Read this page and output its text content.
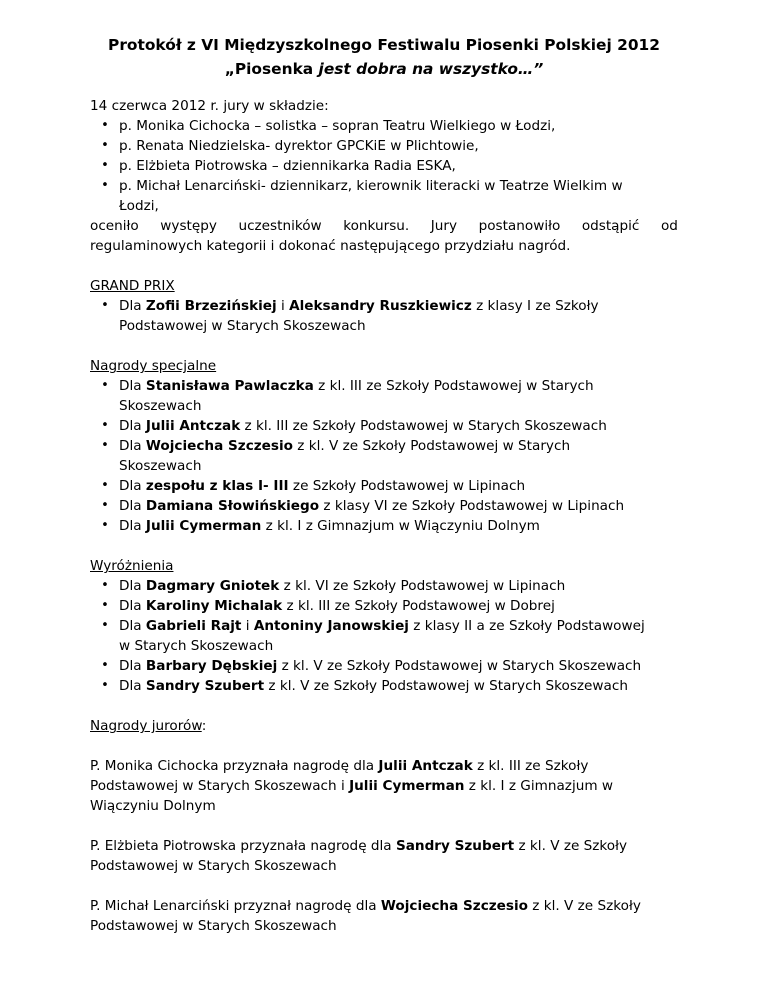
Protokół z VI Międzyszkolnego Festiwalu Piosenki Polskiej 2012
„Piosenka jest dobra na wszystko…”
14 czerwca 2012 r. jury w składzie:
• p. Monika Cichocka – solistka – sopran Teatru Wielkiego w Łodzi,
• p. Renata Niedzielska- dyrektor GPCKiE w Plichtowie,
• p. Elżbieta Piotrowska – dziennikarka Radia ESKA,
• p. Michał Lenarciński- dziennikarz, kierownik literacki w Teatrze Wielkim w
Łodzi,
oceniło występy uczestników konkursu. Jury postanowiło odstąpić od
regulaminowych kategorii i dokonać następującego przydziału nagród.
GRAND PRIX
• Dla Zofii Brzezińskiej i Aleksandry Ruszkiewicz z klasy I ze Szkoły
Podstawowej w Starych Skoszewach
Nagrody specjalne
• Dla Stanisława Pawlaczka z kl. III ze Szkoły Podstawowej w Starych
Skoszewach
• Dla Julii Antczak z kl. III ze Szkoły Podstawowej w Starych Skoszewach
• Dla Wojciecha Szczesio z kl. V ze Szkoły Podstawowej w Starych
Skoszewach
• Dla zespołu z klas I- III ze Szkoły Podstawowej w Lipinach
• Dla Damiana Słowińskiego z klasy VI ze Szkoły Podstawowej w Lipinach
• Dla Julii Cymerman z kl. I z Gimnazjum w Wiączyniu Dolnym
Wyróżnienia
• Dla Dagmary Gniotek z kl. VI ze Szkoły Podstawowej w Lipinach
• Dla Karoliny Michalak z kl. III ze Szkoły Podstawowej w Dobrej
• Dla Gabrieli Rajt i Antoniny Janowskiej z klasy II a ze Szkoły Podstawowej
w Starych Skoszewach
• Dla Barbary Dębskiej z kl. V ze Szkoły Podstawowej w Starych Skoszewach
• Dla Sandry Szubert z kl. V ze Szkoły Podstawowej w Starych Skoszewach
Nagrody jurorów:
P. Monika Cichocka przyznała nagrodę dla Julii Antczak z kl. III ze Szkoły
Podstawowej w Starych Skoszewach i Julii Cymerman z kl. I z Gimnazjum w
Wiączyniu Dolnym
P. Elżbieta Piotrowska przyznała nagrodę dla Sandry Szubert z kl. V ze Szkoły
Podstawowej w Starych Skoszewach
P. Michał Lenarciński przyznał nagrodę dla Wojciecha Szczesio z kl. V ze Szkoły
Podstawowej w Starych Skoszewach
